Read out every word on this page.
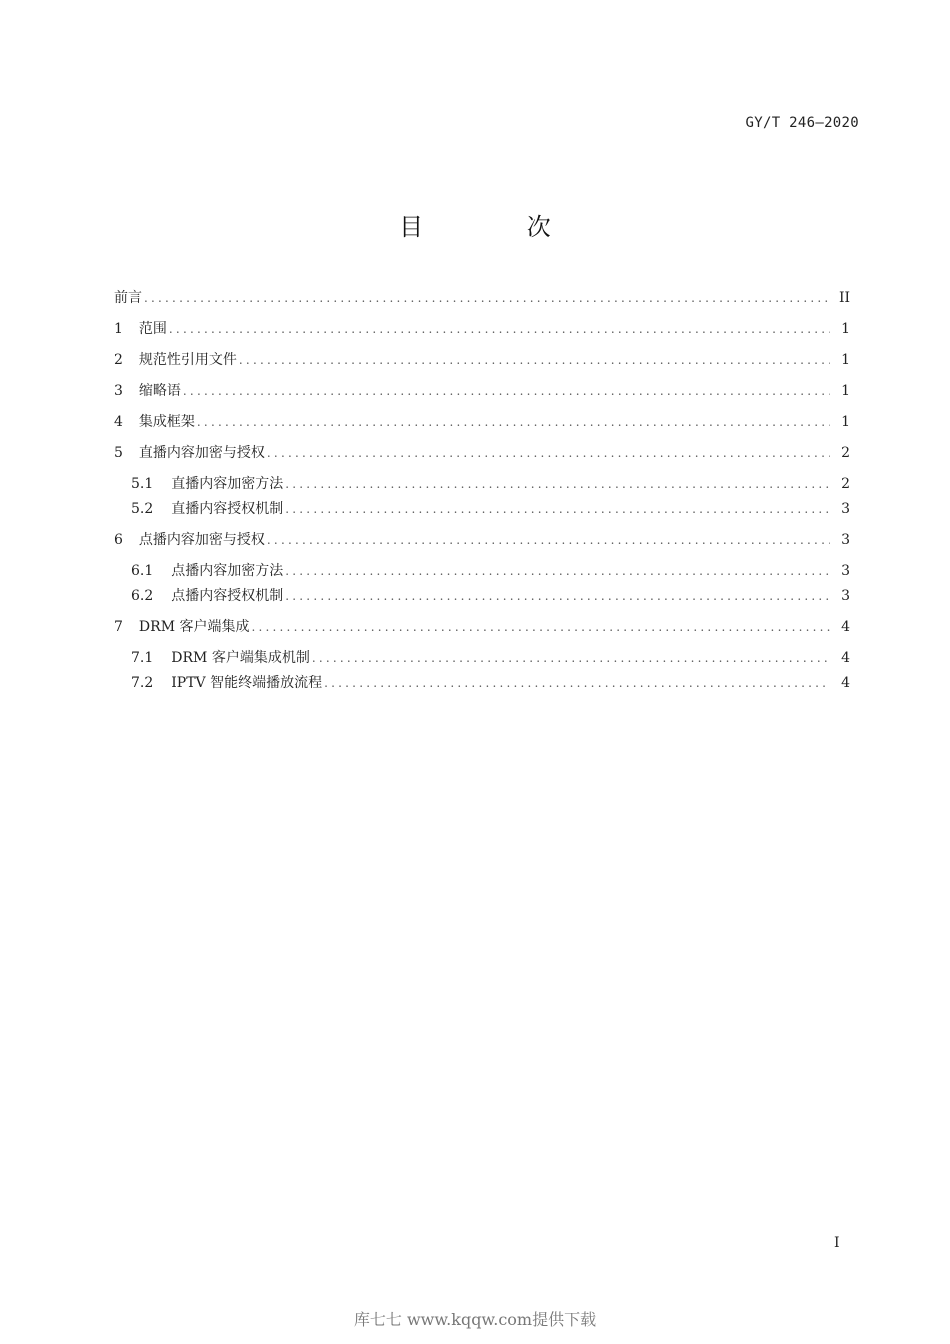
GY/T 246—2020
目 次
前言 .....	II
1 范围 .....	1
2 规范性引用文件 .....	1
3 缩略语 .....	1
4 集成框架 .....	1
5 直播内容加密与授权 .....	2
5.1 直播内容加密方法 .....	2
5.2 直播内容授权机制 .....	3
6 点播内容加密与授权 .....	3
6.1 点播内容加密方法 .....	3
6.2 点播内容授权机制 .....	3
7 DRM 客户端集成 .....	4
7.1 DRM 客户端集成机制 .....	4
7.2 IPTV 智能终端播放流程 .....	4
I
库七七 www.kqqw.com提供下载
